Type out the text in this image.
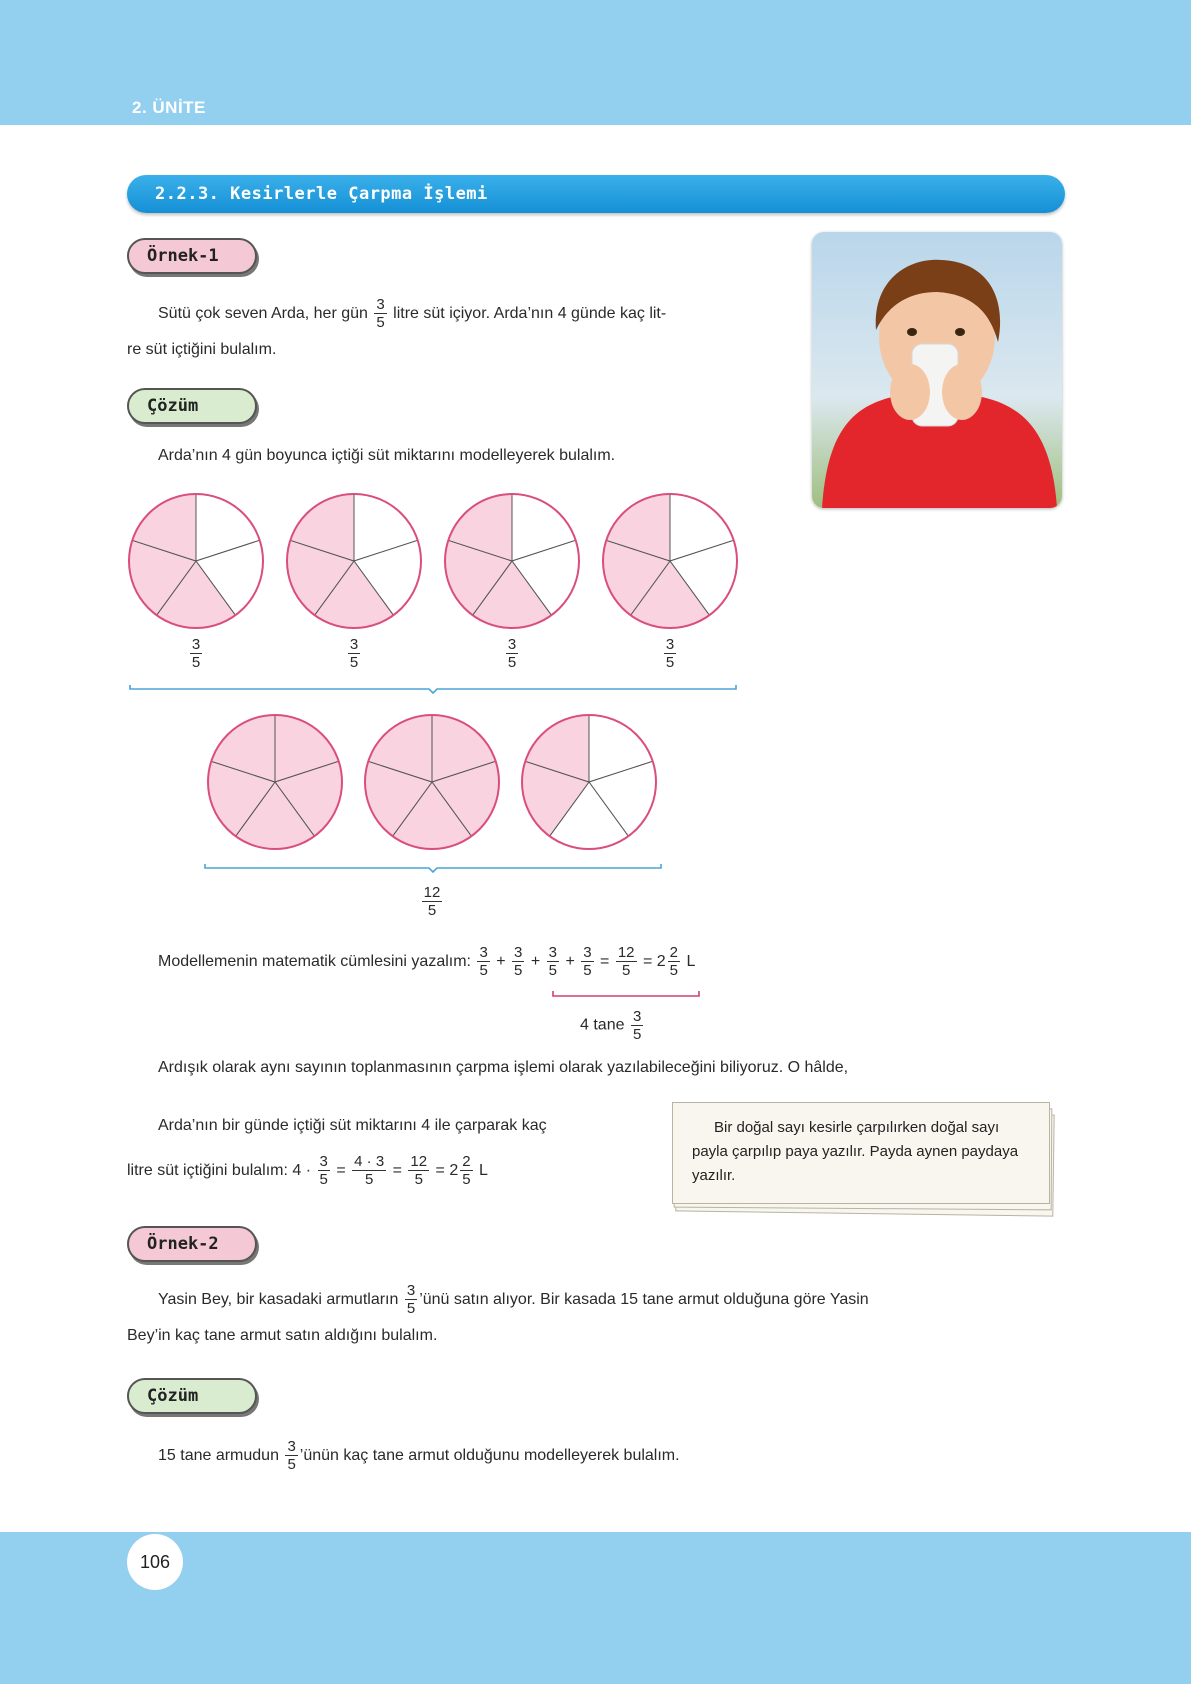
2. ÜNİTE
2.2.3. Kesirlerle Çarpma İşlemi
Örnek-1

Sütü çok seven Arda, her gün $\frac{3}{5}$ litre süt içiyor. Arda’nın 4 günde kaç lit-

re süt içtiğini bulalım.

Çözüm

Arda’nın 4 gün boyunca içtiği süt miktarını modelleyerek bulalım.

$\frac{3}{5}$	$\frac{3}{5}$	$\frac{3}{5}$	$\frac{3}{5}$
$\frac{12}{5}$

Modellemenin matematik cümlesini yazalım: $\frac{3}{5} + \frac{3}{5} + \frac{3}{5} + \frac{3}{5} = \frac{12}{5} = 2 \frac{2}{5}$ L

4 tane $\frac{3}{5}$

Ardışık olarak aynı sayının toplanmasının çarpma işlemi olarak yazılabileceğini biliyoruz. O hâlde,

Arda’nın bir günde içtiği süt miktarını 4 ile çarparak kaç

litre süt içtiğini bulalım: $4 \cdot \frac{3}{5} = \frac{4 \cdot 3}{5} = \frac{12}{5} = 2 \frac{2}{5}$ L

Bir doğal sayı kesirle çarpılırken doğal sayı payla çarpılıp paya yazılır. Payda aynen paydaya yazılır.
Örnek-2

Yasin Bey, bir kasadaki armutların $\frac{3}{5}$ ’ünü satın alıyor. Bir kasada 15 tane armut olduğuna göre Yasin

Bey’in kaç tane armut satın aldığını bulalım.

Çözüm

15 tane armudun $\frac{3}{5}$ ’ünün kaç tane armut olduğunu modelleyerek bulalım.

106
